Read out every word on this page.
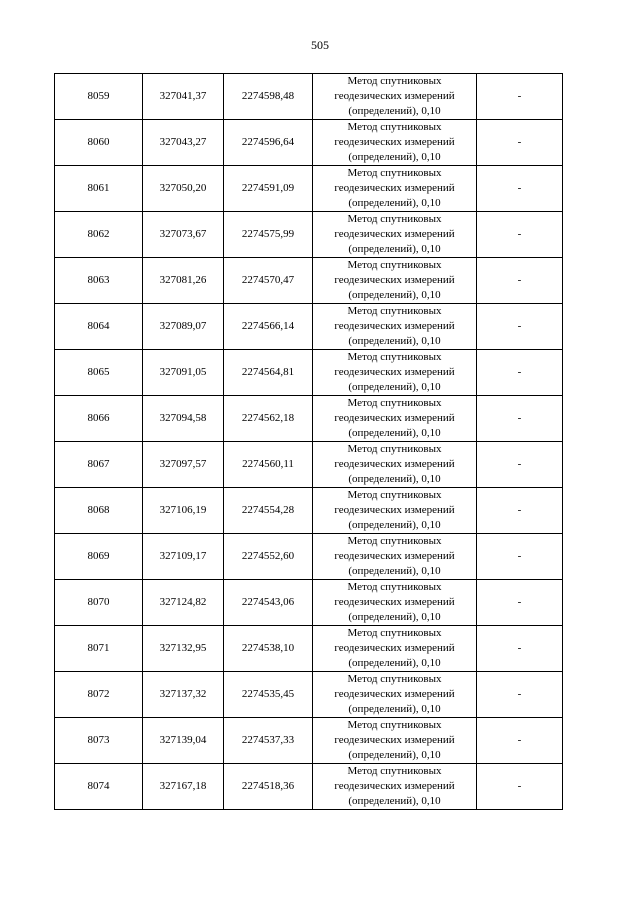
505
8059	327041,37	2274598,48	Метод спутниковых
геодезических измерений
(определений), 0,10	-
8060	327043,27	2274596,64	Метод спутниковых
геодезических измерений
(определений), 0,10	-
8061	327050,20	2274591,09	Метод спутниковых
геодезических измерений
(определений), 0,10	-
8062	327073,67	2274575,99	Метод спутниковых
геодезических измерений
(определений), 0,10	-
8063	327081,26	2274570,47	Метод спутниковых
геодезических измерений
(определений), 0,10	-
8064	327089,07	2274566,14	Метод спутниковых
геодезических измерений
(определений), 0,10	-
8065	327091,05	2274564,81	Метод спутниковых
геодезических измерений
(определений), 0,10	-
8066	327094,58	2274562,18	Метод спутниковых
геодезических измерений
(определений), 0,10	-
8067	327097,57	2274560,11	Метод спутниковых
геодезических измерений
(определений), 0,10	-
8068	327106,19	2274554,28	Метод спутниковых
геодезических измерений
(определений), 0,10	-
8069	327109,17	2274552,60	Метод спутниковых
геодезических измерений
(определений), 0,10	-
8070	327124,82	2274543,06	Метод спутниковых
геодезических измерений
(определений), 0,10	-
8071	327132,95	2274538,10	Метод спутниковых
геодезических измерений
(определений), 0,10	-
8072	327137,32	2274535,45	Метод спутниковых
геодезических измерений
(определений), 0,10	-
8073	327139,04	2274537,33	Метод спутниковых
геодезических измерений
(определений), 0,10	-
8074	327167,18	2274518,36	Метод спутниковых
геодезических измерений
(определений), 0,10	-
